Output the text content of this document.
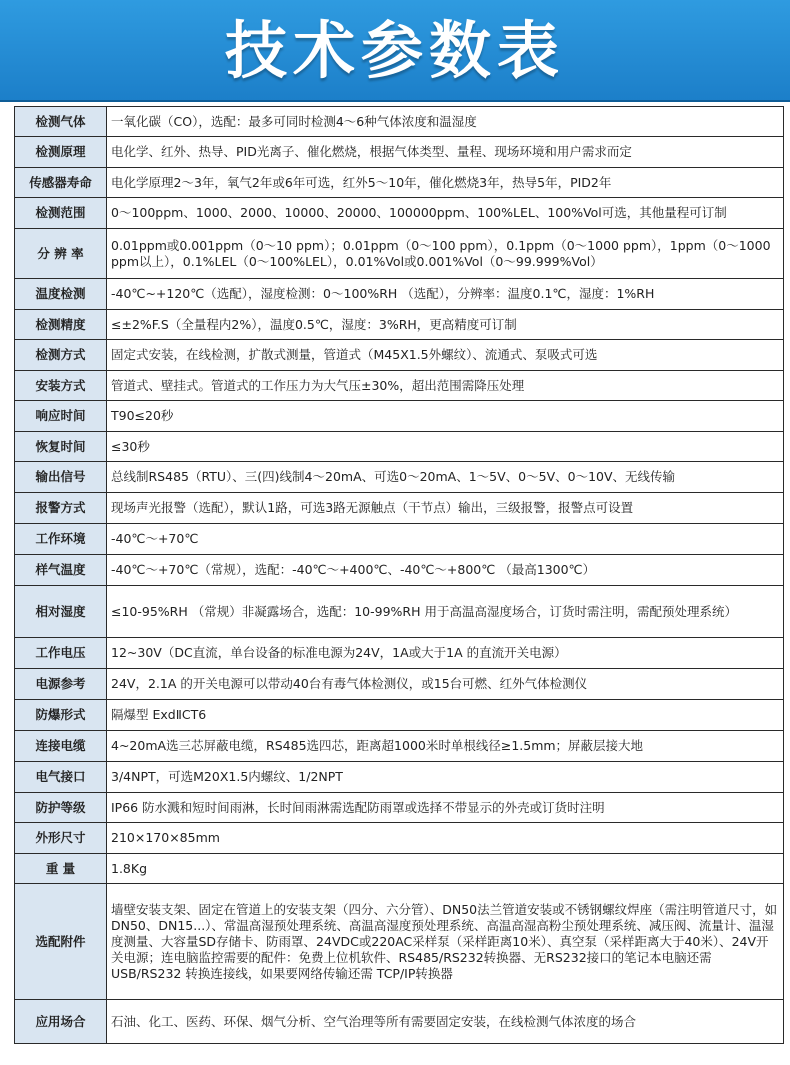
技术参数表
检测气体	一氧化碳（CO），选配：最多可同时检测4～6种气体浓度和温湿度
检测原理	电化学、红外、热导、PID光离子、催化燃烧，根据气体类型、量程、现场环境和用户需求而定
传感器寿命	电化学原理2～3年，氧气2年或6年可选，红外5～10年，催化燃烧3年，热导5年，PID2年
检测范围	0～100ppm、1000、2000、10000、20000、100000ppm、100%LEL、100%Vol可选，其他量程可订制
分 辨 率	0.01ppm或0.001ppm（0～10 ppm）；0.01ppm（0～100 ppm），0.1ppm（0～1000 ppm），1ppm（0～1000 ppm以上），0.1%LEL（0～100%LEL），0.01%Vol或0.001%Vol（0～99.999%Vol）
温度检测	-40℃~+120℃（选配），湿度检测：0～100%RH （选配），分辨率：温度0.1℃，湿度：1%RH
检测精度	≤±2%F.S（全量程内2%），温度0.5℃，湿度：3%RH，更高精度可订制
检测方式	固定式安装，在线检测，扩散式测量，管道式（M45X1.5外螺纹）、流通式、泵吸式可选
安装方式	管道式、壁挂式。管道式的工作压力为大气压±30%，超出范围需降压处理
响应时间	T90≤20秒
恢复时间	≤30秒
输出信号	总线制RS485（RTU）、三(四)线制4～20mA、可选0～20mA、1～5V、0～5V、0～10V、无线传输
报警方式	现场声光报警（选配），默认1路，可选3路无源触点（干节点）输出，三级报警，报警点可设置
工作环境	-40℃～+70℃
样气温度	-40℃～+70℃（常规），选配：-40℃～+400℃、-40℃～+800℃ （最高1300℃）
相对湿度	≤10-95%RH （常规）非凝露场合，选配：10-99%RH 用于高温高湿度场合，订货时需注明，需配预处理系统）
工作电压	12~30V（DC直流，单台设备的标准电源为24V，1A或大于1A 的直流开关电源）
电源参考	24V，2.1A 的开关电源可以带动40台有毒气体检测仪，或15台可燃、红外气体检测仪
防爆形式	隔爆型 ExdⅡCT6
连接电缆	4~20mA选三芯屏蔽电缆，RS485选四芯，距离超1000米时单根线径≥1.5mm；屏蔽层接大地
电气接口	3/4NPT，可选M20X1.5内螺纹、1/2NPT
防护等级	IP66 防水溅和短时间雨淋，长时间雨淋需选配防雨罩或选择不带显示的外壳或订货时注明
外形尺寸	210×170×85mm
重 量	1.8Kg
选配附件	墙壁安装支架、固定在管道上的安装支架（四分、六分管）、DN50法兰管道安装或不锈钢螺纹焊座（需注明管道尺寸，如DN50、DN15...）、常温高湿预处理系统、高温高湿度预处理系统、高温高湿高粉尘预处理系统、减压阀、流量计、温湿度测量、大容量SD存储卡、防雨罩、24VDC或220AC采样泵（采样距离10米）、真空泵（采样距离大于40米）、24V开关电源；连电脑监控需要的配件：免费上位机软件、RS485/RS232转换器、无RS232接口的笔记本电脑还需USB/RS232 转换连接线，如果要网络传输还需 TCP/IP转换器
应用场合	石油、化工、医药、环保、烟气分析、空气治理等所有需要固定安装，在线检测气体浓度的场合
